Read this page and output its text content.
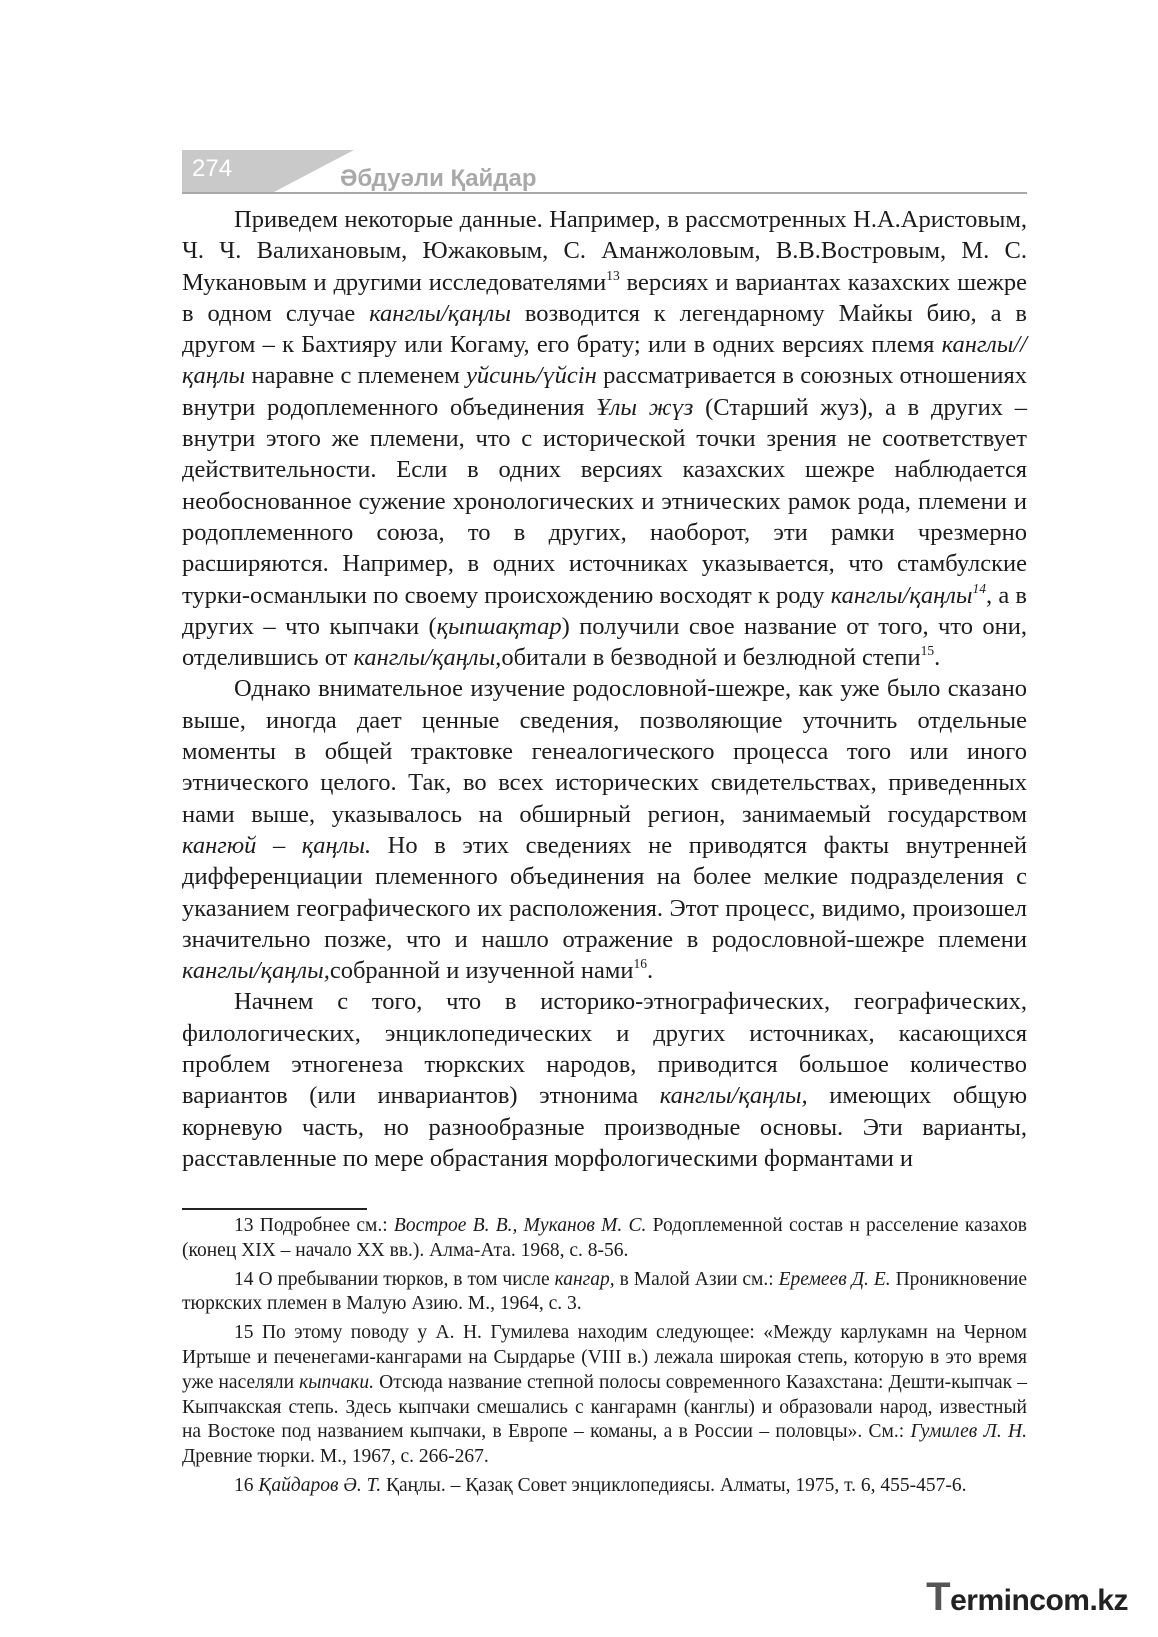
274	Әбдуәли Қайдар

Приведем некоторые данные. Например, в рассмотренных Н.А.Аристовым, Ч. Ч. Валихановым, Южаковым, С. Аманжоловым, В.В.Востровым, М. С. Мукановым и другими исследователями$^{13}$ версиях и вариантах казахских шежре в одном случае канглы/қаңлы возводится к легендарному Майкы бию, а в другом – к Бахтияру или Когаму, его брату; или в одних версиях племя канглы//қаңлы наравне с племенем уйсинь/үйсін рассматривается в союзных отношениях внутри родоплеменного объединения Ұлы жүз (Старший жуз), а в других – внутри этого же племени, что с исторической точки зрения не соответствует действительности. Если в одних версиях казахских шежре наблюдается необоснованное сужение хронологических и этнических рамок рода, племени и родоплеменного союза, то в других, наоборот, эти рамки чрезмерно расширяются. Например, в одних источниках указывается, что стамбулские турки-османлыки по своему происхождению восходят к роду канглы/қаңлы$^{14}$, а в других – что кыпчаки (қыпшақтар) получили свое название от того, что они, отделившись от канглы/қаңлы,обитали в безводной и безлюдной степи$^{15}$.

Однако внимательное изучение родословной-шежре, как уже было сказано выше, иногда дает ценные сведения, позволяющие уточнить отдельные моменты в общей трактовке генеалогического процесса того или иного этнического целого. Так, во всех исторических свидетельствах, приведенных нами выше, указывалось на обширный регион, занимаемый государством кангюй – қаңлы. Но в этих сведениях не приводятся факты внутренней дифференциации племенного объединения на более мелкие подразделения с указанием географического их расположения. Этот процесс, видимо, произошел значительно позже, что и нашло отражение в родословной-шежре племени канглы/қаңлы,собранной и изученной нами$^{16}$.

Начнем с того, что в историко-этнографических, географических, филологических, энциклопедических и других источниках, касающихся проблем этногенеза тюркских народов, приводится большое количество вариантов (или инвариантов) этнонима канглы/қаңлы, имеющих общую корневую часть, но разнообразные производные основы. Эти варианты, расставленные по мере обрастания морфологическими формантами и

13 Подробнее см.: Востроe В. В., Муканов М. С. Родоплеменной состав н расселение казахов (конец XIX – начало XX вв.). Алма-Ата. 1968, с. 8-56.

14 О пребывании тюрков, в том числе кангар, в Малой Азии см.: Еремеев Д. Е. Проникновение тюркских племен в Малую Азию. М., 1964, с. 3.

15 По этому поводу у А. Н. Гумилева находим следующее: «Между карлукамн на Черном Иртыше и печенегами-кангарами на Сырдарье (VIII в.) лежала широкая степь, которую в это время уже населяли кыпчаки. Отсюда название степной полосы современного Казахстана: Дешти-кыпчак – Кыпчакская степь. Здесь кыпчаки смешались с кангарамн (канглы) и образовали народ, известный на Востоке под названием кыпчаки, в Европе – команы, а в России – половцы». См.: Гумилев Л. Н. Древние тюрки. М., 1967, с. 266-267.

16 Қайдаров Ә. Т. Қаңлы. – Қазақ Совет энциклопедиясы. Алматы, 1975, т. 6, 455-457-6.

Termincom.kz
